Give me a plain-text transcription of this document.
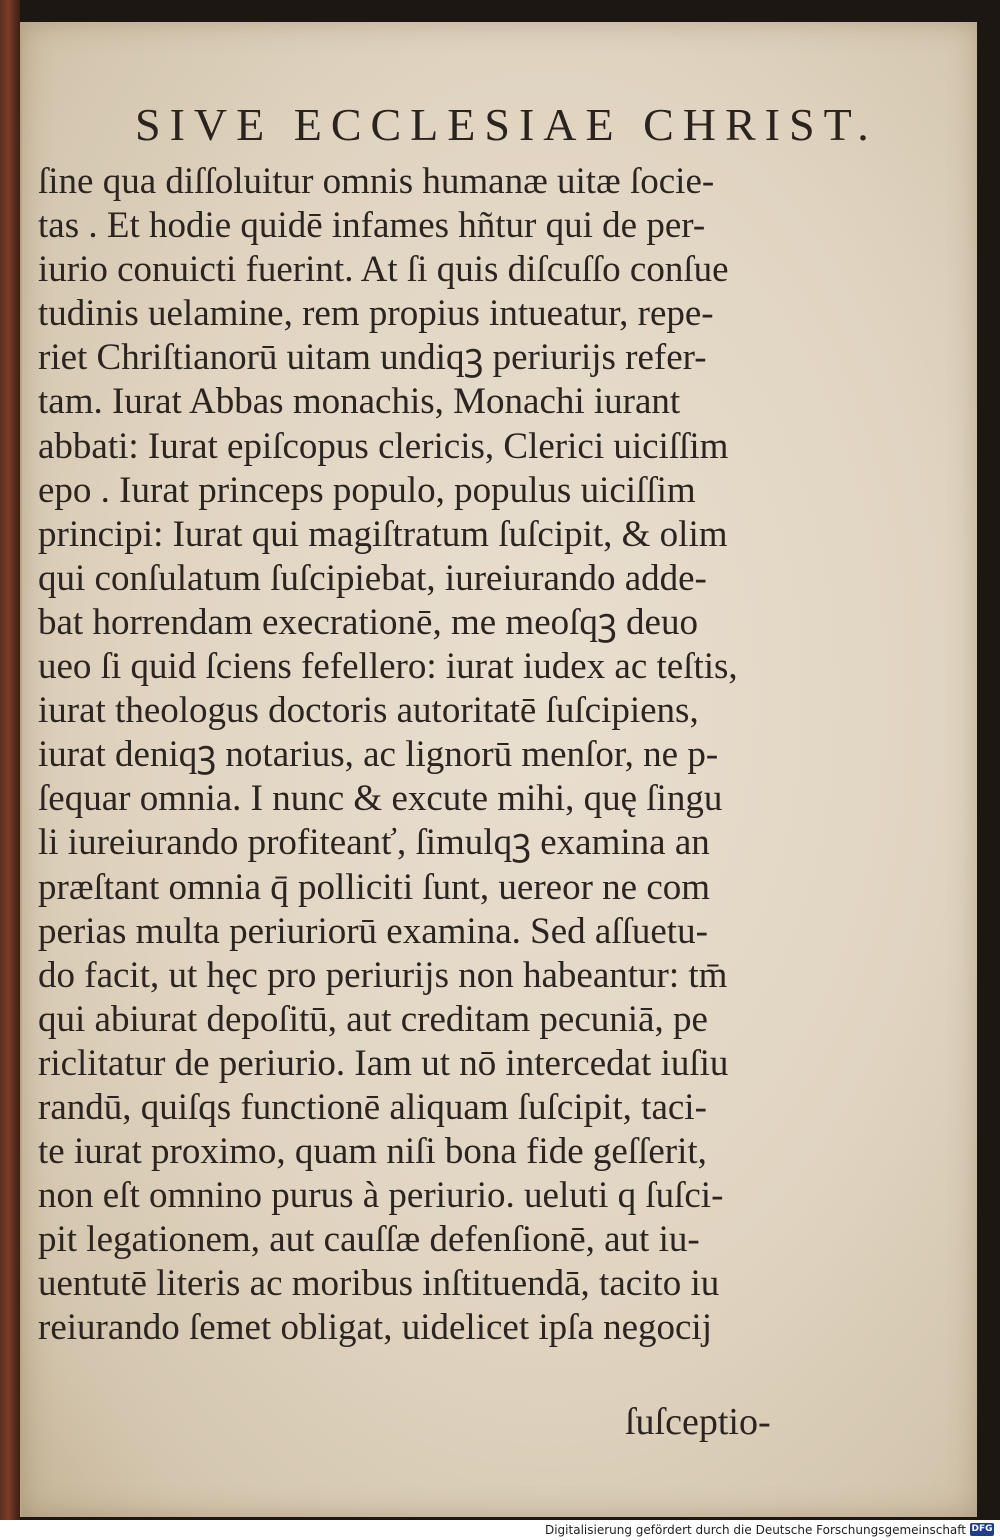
SIVE ECCLESIAE CHRIST.
ſine qua diſſoluitur omnis humanæ uitæ ſocie-
tas . Et hodie quidē infames hñtur qui de per-
iurio conuicti fuerint. At ſi quis diſcuſſo conſue
tudinis uelamine, rem propius intueatur, repe-
riet Chriſtianorū uitam undiqꝫ periurijs refer-
tam. Iurat Abbas monachis, Monachi iurant
abbati: Iurat epiſcopus clericis, Clerici uiciſſim
epo . Iurat princeps populo, populus uiciſſim
principi: Iurat qui magiſtratum ſuſcipit, & olim
qui conſulatum ſuſcipiebat, iureiurando adde-
bat horrendam execrationē, me meoſqꝫ deuo
ueo ſi quid ſciens fefellero: iurat iudex ac teſtis,
iurat theologus doctoris autoritatē ſuſcipiens,
iurat deniqꝫ notarius, ac lignorū menſor, ne p-
ſequar omnia. I nunc & excute mihi, quę ſingu
li iureiurando profiteanť, ſimulqꝫ examina an
præſtant omnia q̄ polliciti ſunt, uereor ne com
perias multa periuriorū examina. Sed aſſuetu-
do facit, ut hęc pro periurijs non habeantur: tm̄
qui abiurat depoſitū, aut creditam pecuniā, pe
riclitatur de periurio. Iam ut nō intercedat iuſiu
randū, quiſqs functionē aliquam ſuſcipit, taci-
te iurat proximo, quam niſi bona fide geſſerit,
non eſt omnino purus à periurio. ueluti q ſuſci-
pit legationem, aut cauſſæ defenſionē, aut iu-
uentutē literis ac moribus inſtituendā, tacito iu
reiurando ſemet obligat, uidelicet ipſa negocij
ſuſceptio-
Digitalisierung gefördert durch die Deutsche Forschungsgemeinschaft DFG
